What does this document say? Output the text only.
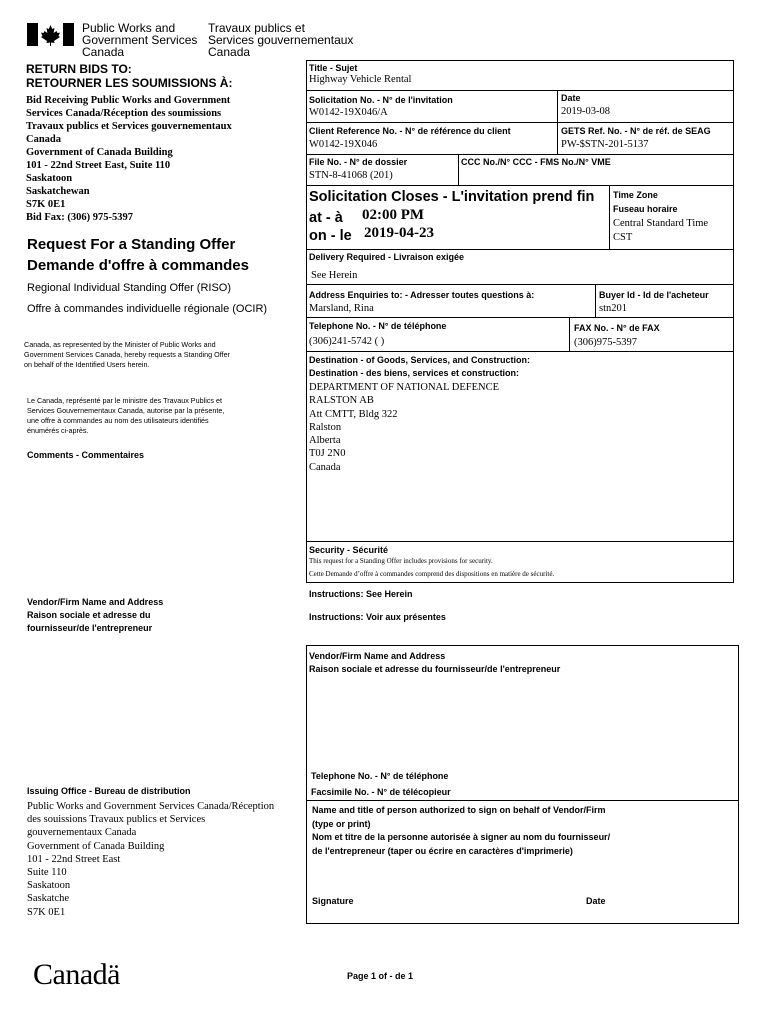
Public Works and
Government Services
Canada
Travaux publics et
Services gouvernementaux
Canada
RETURN BIDS TO:
RETOURNER LES SOUMISSIONS À:
Bid Receiving Public Works and Government
Services Canada/Réception des soumissions
Travaux publics et Services gouvernementaux
Canada
Government of Canada Building
101 - 22nd Street East, Suite 110
Saskatoon
Saskatchewan
S7K 0E1
Bid Fax: (306) 975-5397
Request For a Standing Offer
Demande d'offre à commandes
Regional Individual Standing Offer (RISO)
Offre à commandes individuelle régionale (OCIR)
Canada, as represented by the Minister of Public Works and
Government Services Canada, hereby requests a Standing Offer
on behalf of the Identified Users herein.
Le Canada, représenté par le ministre des Travaux Publics et
Services Gouvernementaux Canada, autorise par la présente,
une offre à commandes au nom des utilisateurs identifiés
énumérés ci-après.
Comments - Commentaires
Vendor/Firm Name and Address
Raison sociale et adresse du
fournisseur/de l'entrepreneur
Issuing Office - Bureau de distribution
Public Works and Government Services Canada/Réception
des souissions Travaux publics et Services
gouvernementaux Canada
Government of Canada Building
101 - 22nd Street East
Suite 110
Saskatoon
Saskatche
S7K 0E1
Title - Sujet
Highway Vehicle Rental
Solicitation No. - N° de l'invitation
W0142-19X046/A
Date
2019-03-08
Client Reference No. - N° de référence du client
W0142-19X046
GETS Ref. No. - N° de réf. de SEAG
PW-$STN-201-5137
File No. - N° de dossier
STN-8-41068 (201)
CCC No./N° CCC - FMS No./N° VME
Solicitation Closes - L'invitation prend fin
at - à 02:00 PM
on - le 2019-04-23
Time Zone
Fuseau horaire
Central Standard Time
CST
Delivery Required - Livraison exigée
See Herein
Address Enquiries to: - Adresser toutes questions à:
Marsland, Rina
Buyer Id - Id de l'acheteur
stn201
Telephone No. - N° de téléphone
(306)241-5742 ( )
FAX No. - N° de FAX
(306)975-5397
Destination - of Goods, Services, and Construction:
Destination - des biens, services et construction:
DEPARTMENT OF NATIONAL DEFENCE
RALSTON AB
Att CMTT, Bldg 322
Ralston
Alberta
T0J 2N0
Canada
Security - Sécurité
This request for a Standing Offer includes provisions for security.
Cette Demande d’offre à commandes comprend des dispositions en matière de sécurité.
Instructions: See Herein
Instructions: Voir aux présentes
Vendor/Firm Name and Address
Raison sociale et adresse du fournisseur/de l'entrepreneur
Telephone No. - N° de téléphone
Facsimile No. - N° de télécopieur
Name and title of person authorized to sign on behalf of Vendor/Firm
(type or print)
Nom et titre de la personne autorisée à signer au nom du fournisseur/
de l'entrepreneur (taper ou écrire en caractères d'imprimerie)
Signature	Date
Canadä	Page 1 of - de 1
